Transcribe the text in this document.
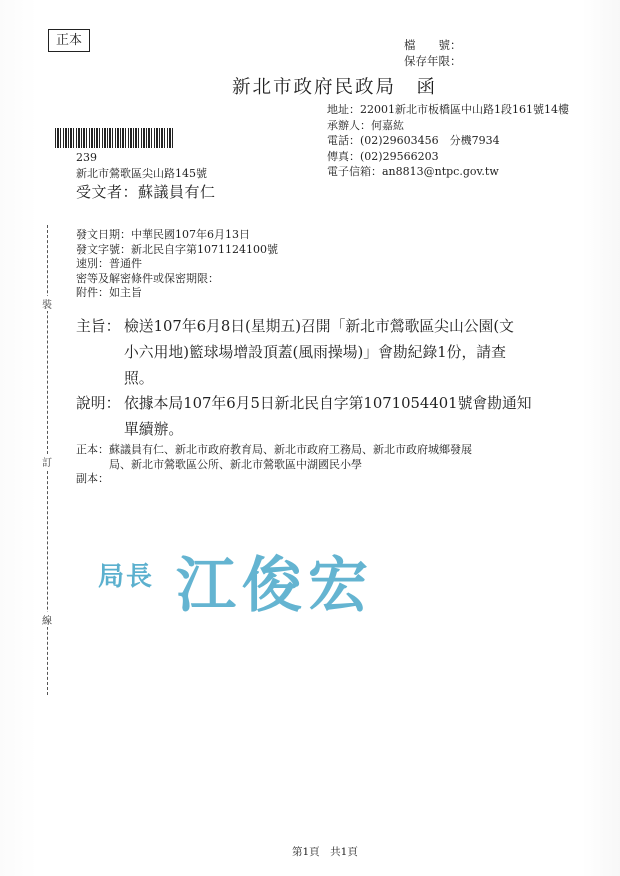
正本	檔　　號：
保存年限：
新北市政府民政局　函
地址：22001新北市板橋區中山路1段161號14樓
承辦人：何嘉紘
電話：(02)29603456　分機7934
傳真：(02)29566203
電子信箱：an8813@ntpc.gov.tw
239
新北市鶯歌區尖山路145號
受文者：蘇議員有仁
發文日期：中華民國107年6月13日
發文字號：新北民自字第1071124100號
速別：普通件
密等及解密條件或保密期限：
附件：如主旨
主旨： 檢送107年6月8日(星期五)召開「新北市鶯歌區尖山公園(文
小六用地)籃球場增設頂蓋(風雨操場)」會勘紀錄1份，請查
照。
說明： 依據本局107年6月5日新北民自字第1071054401號會勘通知
單續辦。
正本：蘇議員有仁、新北市政府教育局、新北市政府工務局、新北市政府城鄉發展
局、新北市鶯歌區公所、新北市鶯歌區中湖國民小學
副本：
裝
訂
線
局長 江俊宏
第1頁　共1頁
